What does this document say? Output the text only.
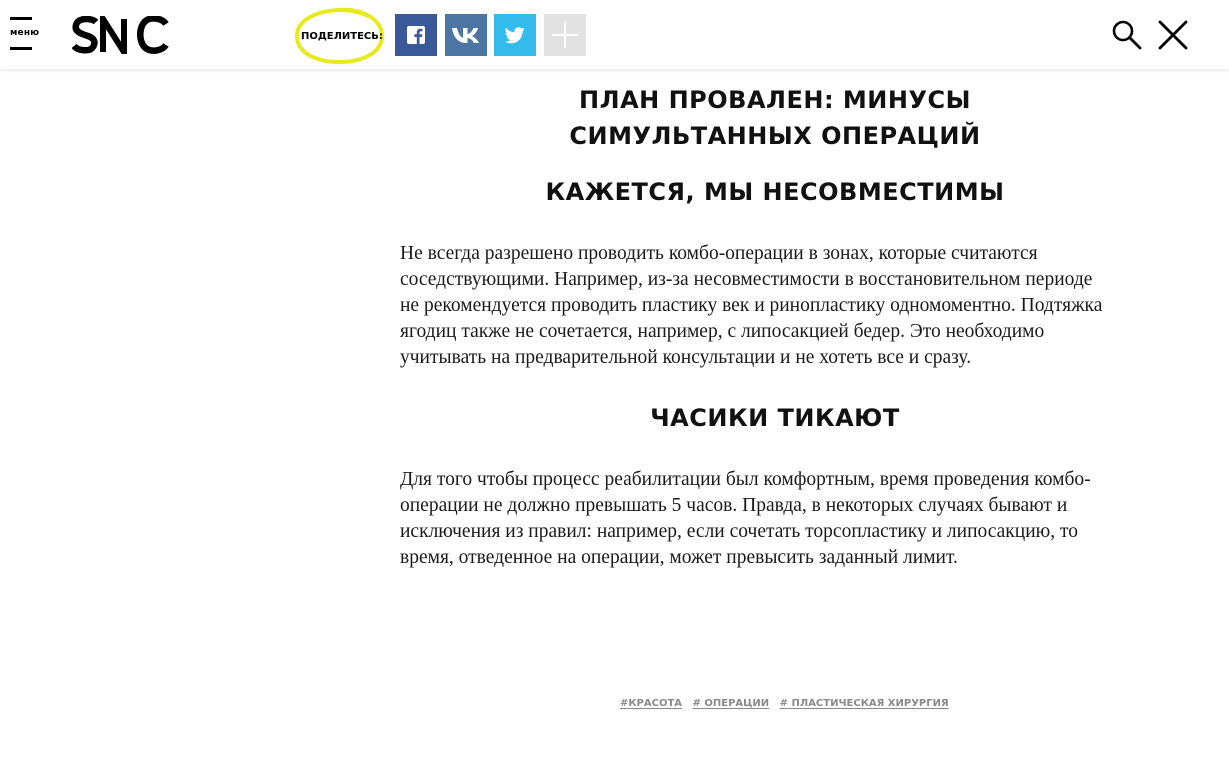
меню	ПОДЕЛИТЕСЬ:
ПЛАН ПРОВАЛЕН: МИНУСЫ
СИМУЛЬТАННЫХ ОПЕРАЦИЙ
КАЖЕТСЯ, МЫ НЕСОВМЕСТИМЫ
Не всегда разрешено проводить комбо-операции в зонах, которые считаются
соседствующими. Например, из-за несовместимости в восстановительном периоде
не рекомендуется проводить пластику век и ринопластику одномоментно. Подтяжка
ягодиц также не сочетается, например, с липосакцией бедер. Это необходимо
учитывать на предварительной консультации и не хотеть все и сразу.
ЧАСИКИ ТИКАЮТ
Для того чтобы процесс реабилитации был комфортным, время проведения комбо-
операции не должно превышать 5 часов. Правда, в некоторых случаях бывают и
исключения из правил: например, если сочетать торсопластику и липосакцию, то
время, отведенное на операции, может превысить заданный лимит.
#КРАСОТА # ОПЕРАЦИИ # ПЛАСТИЧЕСКАЯ ХИРУРГИЯ
